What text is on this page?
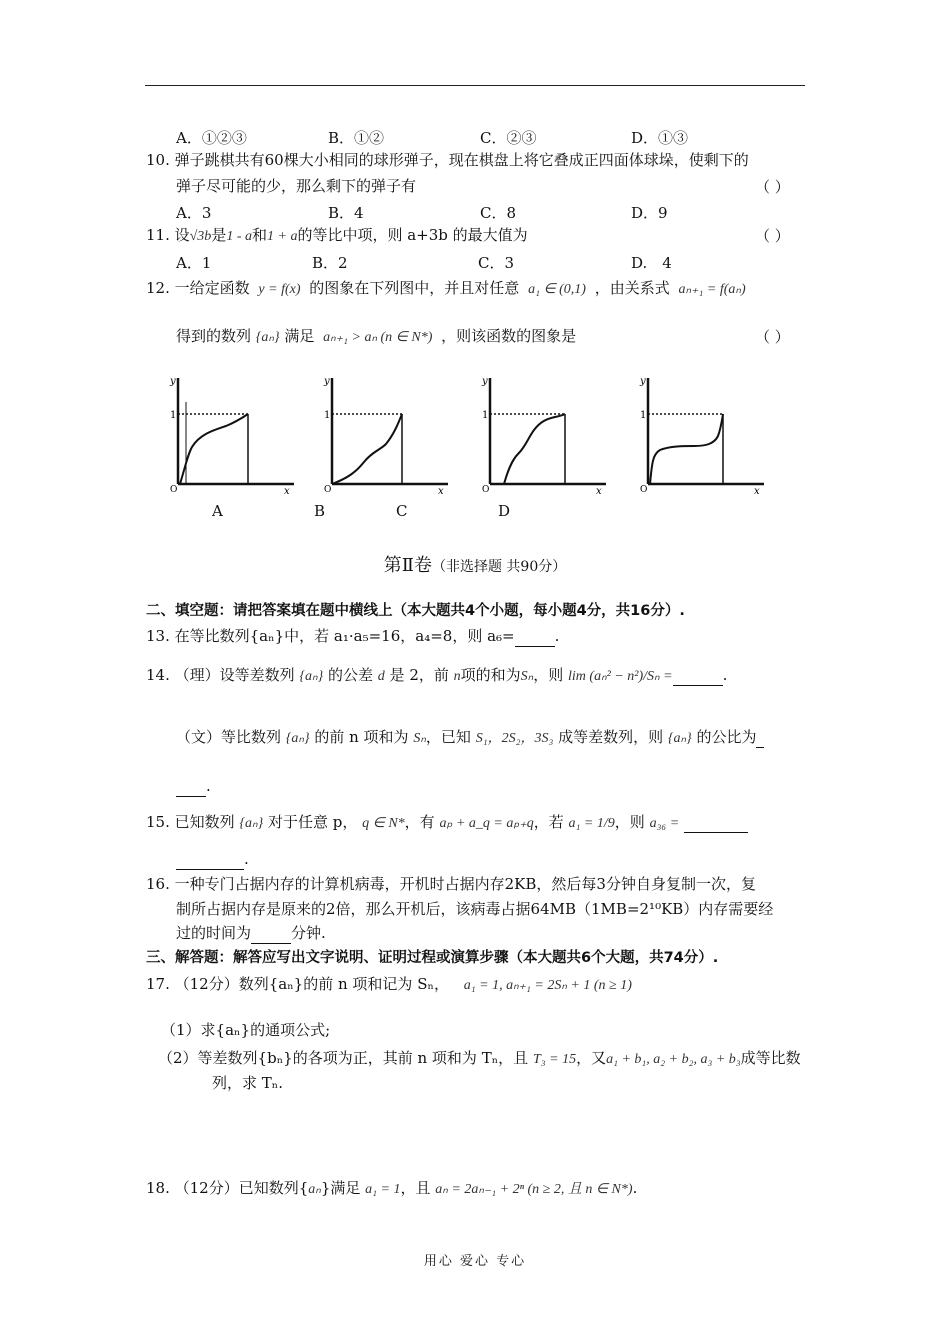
A．①②③	B．①②	C．②③	D．①③
10. 弹子跳棋共有60棵大小相同的球形弹子，现在棋盘上将它叠成正四面体球垛，使剩下的
弹子尽可能的少，那么剩下的弹子有	（ ）
A．3	B．4	C．8	D．9
11. 设√3b是1 - a和1 + a的等比中项，则 a+3b 的最大值为	（ ）
A．1	B．2	C．3	D.　4
12. 一给定函数 y = f(x) 的图象在下列图中，并且对任意 a₁ ∈ (0,1) ，由关系式 aₙ₊₁ = f(aₙ)
得到的数列 {aₙ} 满足 aₙ₊₁ > aₙ (n ∈ N*) ，则该函数的图象是	（ ）
y
1
O	x
y
1
O	x
y
1
O	x
y
1
O	x
A	B	C	D
第Ⅱ卷（非选择题 共90分）
二、填空题：请把答案填在题中横线上（本大题共4个小题，每小题4分，共16分）.
13. 在等比数列{aₙ}中，若 a₁·a₅=16，a₄=8，则 a₆=	.
14. （理）设等差数列 {aₙ} 的公差 d 是 2，前 n项的和为Sₙ，则 lim (aₙ² − n²)/Sₙ =	.
（文）等比数列 {aₙ} 的前 n 项和为 Sₙ，已知 S₁，2S₂，3S₃ 成等差数列，则 {aₙ} 的公比为
.
15. 已知数列 {aₙ} 对于任意 p， q ∈ N*，有 aₚ + a_q = aₚ₊q，若 a₁ = 1/9，则 a₃₆ =
.
16. 一种专门占据内存的计算机病毒，开机时占据内存2KB，然后每3分钟自身复制一次，复
制所占据内存是原来的2倍，那么开机后，该病毒占据64MB（1MB=2¹⁰KB）内存需要经
过的时间为	分钟.
三、解答题：解答应写出文字说明、证明过程或演算步骤（本大题共6个大题，共74分）.
17. （12分）数列{aₙ}的前 n 项和记为 Sₙ， a₁ = 1, aₙ₊₁ = 2Sₙ + 1 (n ≥ 1)
（1）求{aₙ}的通项公式;
（2）等差数列{bₙ}的各项为正，其前 n 项和为 Tₙ，且 T₃ = 15，又a₁ + b₁, a₂ + b₂, a₃ + b₃成等比数
列，求 Tₙ.
18. （12分）已知数列{aₙ}满足 a₁ = 1，且 aₙ = 2aₙ₋₁ + 2ⁿ (n ≥ 2, 且 n ∈ N*).
用心 爱心 专心
